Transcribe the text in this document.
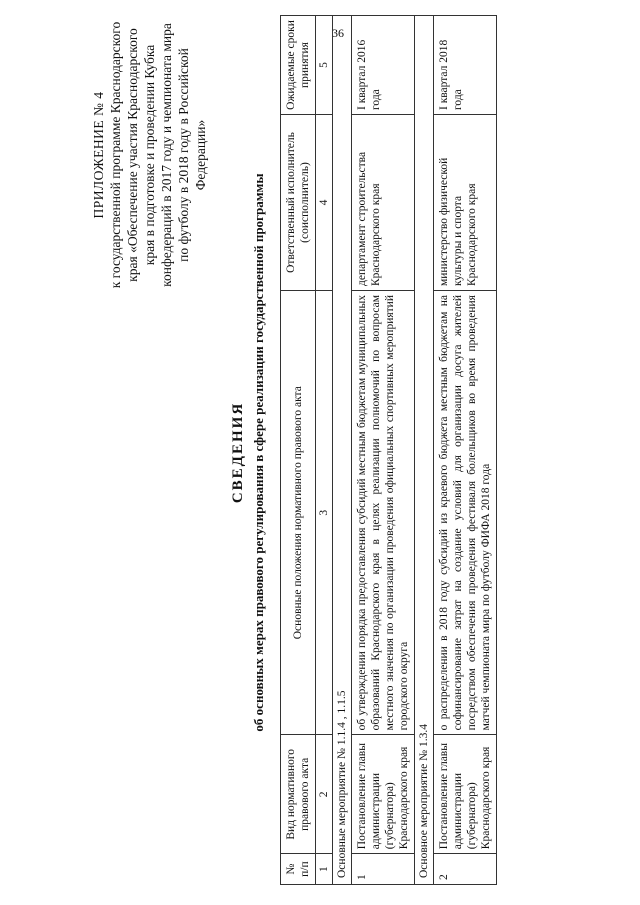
36
ПРИЛОЖЕНИЕ № 4 к государственной программе Краснодарского края «Обеспечение участия Краснодарского края в подготовке и проведении Кубка конфедераций в 2017 году и чемпионата мира по футболу в 2018 году в Российской Федерации»
СВЕДЕНИЯ об основных мерах правового регулирования в сфере реализации государственной программы
№ п/п	Вид нормативного правового акта	Основные положения нормативного правового акта	Ответственный исполнитель (соисполнитель)	Ожидаемые сроки принятия
1	2	3	4	5
Основные мероприятие № 1.1.4 , 1.1.5				
1	Постановление главы администрации (губернатора) Краснодарского края	об утверждении порядка предоставления субсидий местным бюджетам муниципальных образований Краснодарского края в целях реализации полномочий по вопросам местного значения по организации проведения официальных спортивных мероприятий городского округа	департамент строительства Краснодарского края	I квартал 2016 года
Основное мероприятие № 1.3.4				
2	Постановление главы администрации (губернатора) Краснодарского края	о распределении в 2018 году субсидий из краевого бюджета местным бюджетам на софинансирование затрат на создание условий для организации досуга жителей посредством обеспечения проведения фестиваля болельщиков во время проведения матчей чемпионата мира по футболу ФИФА 2018 года	министерство физической культуры и спорта Краснодарского края	I квартал 2018 года
